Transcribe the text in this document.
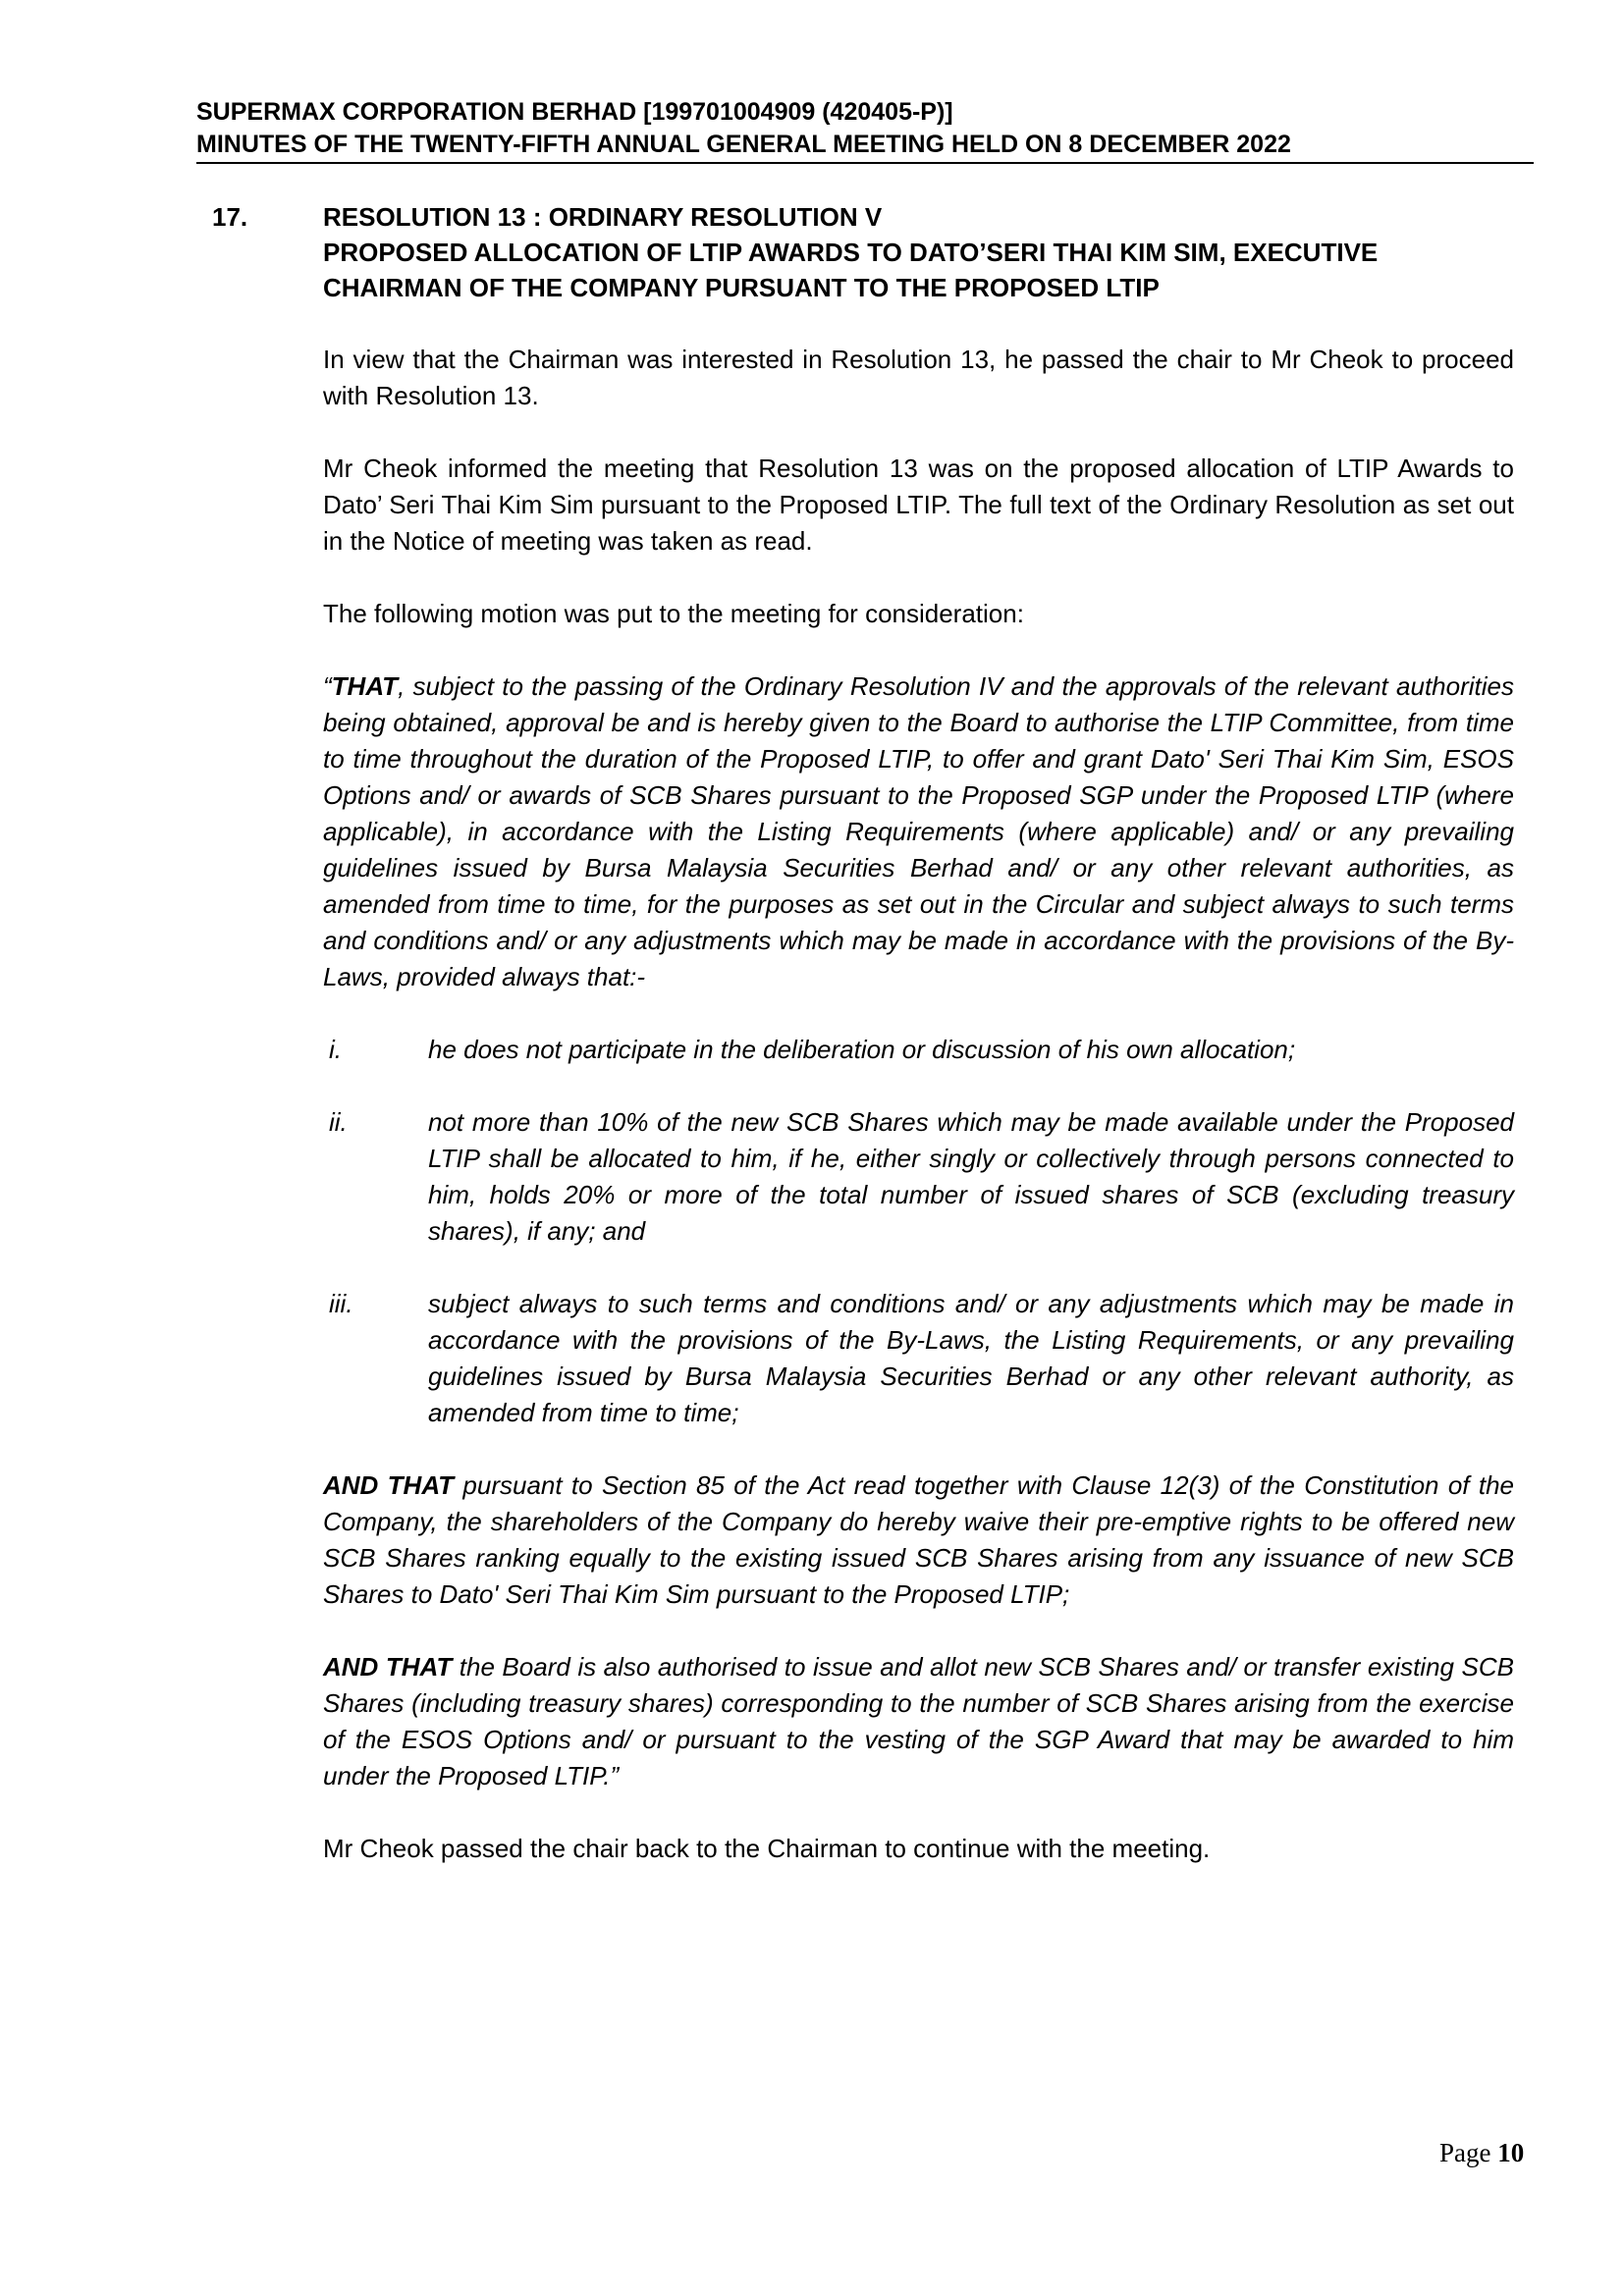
SUPERMAX CORPORATION BERHAD [199701004909 (420405-P)]
MINUTES OF THE TWENTY-FIFTH ANNUAL GENERAL MEETING HELD ON 8 DECEMBER 2022
17.	RESOLUTION 13 : ORDINARY RESOLUTION V
PROPOSED ALLOCATION OF LTIP AWARDS TO DATO’SERI THAI KIM SIM, EXECUTIVE CHAIRMAN OF THE COMPANY PURSUANT TO THE PROPOSED LTIP

In view that the Chairman was interested in Resolution 13, he passed the chair to Mr Cheok to proceed with Resolution 13.

Mr Cheok informed the meeting that Resolution 13 was on the proposed allocation of LTIP Awards to Dato’ Seri Thai Kim Sim pursuant to the Proposed LTIP. The full text of the Ordinary Resolution as set out in the Notice of meeting was taken as read.

The following motion was put to the meeting for consideration:

“THAT, subject to the passing of the Ordinary Resolution IV and the approvals of the relevant authorities being obtained, approval be and is hereby given to the Board to authorise the LTIP Committee, from time to time throughout the duration of the Proposed LTIP, to offer and grant Dato' Seri Thai Kim Sim, ESOS Options and/ or awards of SCB Shares pursuant to the Proposed SGP under the Proposed LTIP (where applicable), in accordance with the Listing Requirements (where applicable) and/ or any prevailing guidelines issued by Bursa Malaysia Securities Berhad and/ or any other relevant authorities, as amended from time to time, for the purposes as set out in the Circular and subject always to such terms and conditions and/ or any adjustments which may be made in accordance with the provisions of the By-Laws, provided always that:-

i.	he does not participate in the deliberation or discussion of his own allocation;
ii.	not more than 10% of the new SCB Shares which may be made available under the Proposed LTIP shall be allocated to him, if he, either singly or collectively through persons connected to him, holds 20% or more of the total number of issued shares of SCB (excluding treasury shares), if any; and
iii.	subject always to such terms and conditions and/ or any adjustments which may be made in accordance with the provisions of the By-Laws, the Listing Requirements, or any prevailing guidelines issued by Bursa Malaysia Securities Berhad or any other relevant authority, as amended from time to time;

AND THAT pursuant to Section 85 of the Act read together with Clause 12(3) of the Constitution of the Company, the shareholders of the Company do hereby waive their pre-emptive rights to be offered new SCB Shares ranking equally to the existing issued SCB Shares arising from any issuance of new SCB Shares to Dato' Seri Thai Kim Sim pursuant to the Proposed LTIP;

AND THAT the Board is also authorised to issue and allot new SCB Shares and/ or transfer existing SCB Shares (including treasury shares) corresponding to the number of SCB Shares arising from the exercise of the ESOS Options and/ or pursuant to the vesting of the SGP Award that may be awarded to him under the Proposed LTIP.”

Mr Cheok passed the chair back to the Chairman to continue with the meeting.

Page 10
